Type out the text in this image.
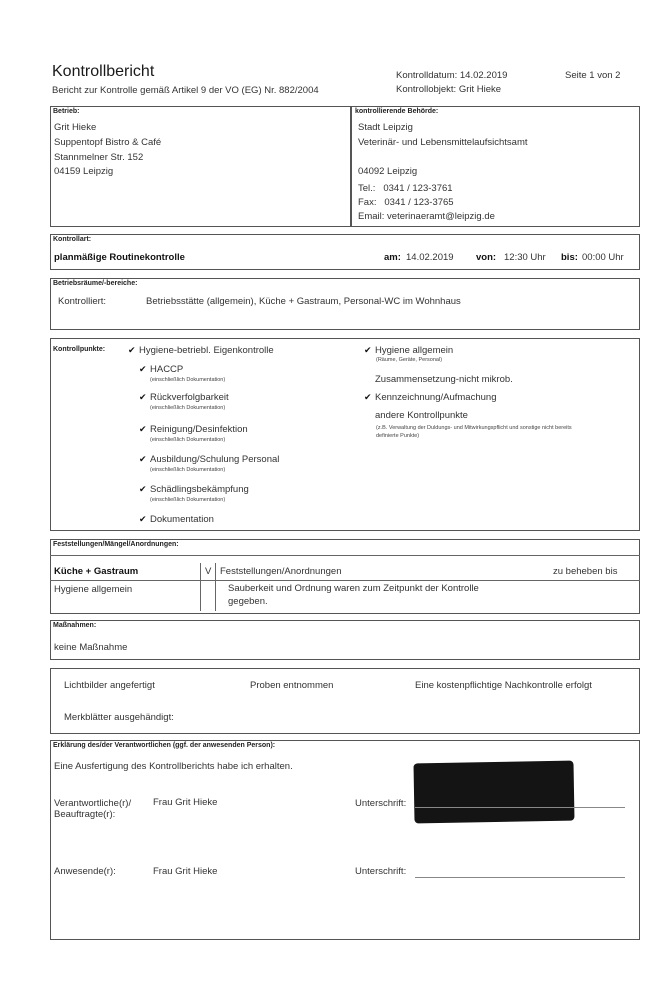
Kontrollbericht
Bericht zur Kontrolle gemäß Artikel 9 der VO (EG) Nr. 882/2004
Kontrolldatum: 14.02.2019	Seite 1 von 2
Kontrollobjekt: Grit Hieke
Betrieb:
Grit Hieke
Suppentopf Bistro & Café
Stannmelner Str. 152
04159 Leipzig
kontrollierende Behörde:
Stadt Leipzig
Veterinär- und Lebensmittelaufsichtsamt
04092 Leipzig
Tel.:   0341 / 123-3761
Fax:   0341 / 123-3765
Email: veterinaeramt@leipzig.de
Kontrollart:
planmäßige Routinekontrolle	am: 14.02.2019 von: 12:30 Uhr bis: 00:00 Uhr
Betriebsräume/-bereiche:
Kontrolliert:	Betriebsstätte (allgemein), Küche + Gastraum, Personal-WC im Wohnhaus
Kontrollpunkte:	✔ Hygiene-betriebl. Eigenkontrolle
✔ HACCP
(einschließlich Dokumentation)
✔ Rückverfolgbarkeit
(einschließlich Dokumentation)
✔ Reinigung/Desinfektion
(einschließlich Dokumentation)
✔ Ausbildung/Schulung Personal
(einschließlich Dokumentation)
✔ Schädlingsbekämpfung
(einschließlich Dokumentation)
✔ Dokumentation
✔ Hygiene allgemein
(Räume, Geräte, Personal)
Zusammensetzung-nicht mikrob.
✔ Kennzeichnung/Aufmachung
andere Kontrollpunkte
(z.B. Verwaltung der Duldungs- und Mitwirkungspflicht und sonstige nicht bereits definierte Punkte)
Feststellungen/Mängel/Anordnungen:
Küche + Gastraum	V Feststellungen/Anordnungen	zu beheben bis
Hygiene allgemein	Sauberkeit und Ordnung waren zum Zeitpunkt der Kontrolle
gegeben.
Maßnahmen:
keine Maßnahme
Lichtbilder angefertigt	Proben entnommen	Eine kostenpflichtige Nachkontrolle erfolgt
Merkblätter ausgehändigt:
Erklärung des/der Verantwortlichen (ggf. der anwesenden Person):
Eine Ausfertigung des Kontrollberichts habe ich erhalten.
Verantwortliche(r)/
Beauftragte(r):
Frau Grit Hieke	Unterschrift:
Anwesende(r):	Frau Grit Hieke	Unterschrift:
